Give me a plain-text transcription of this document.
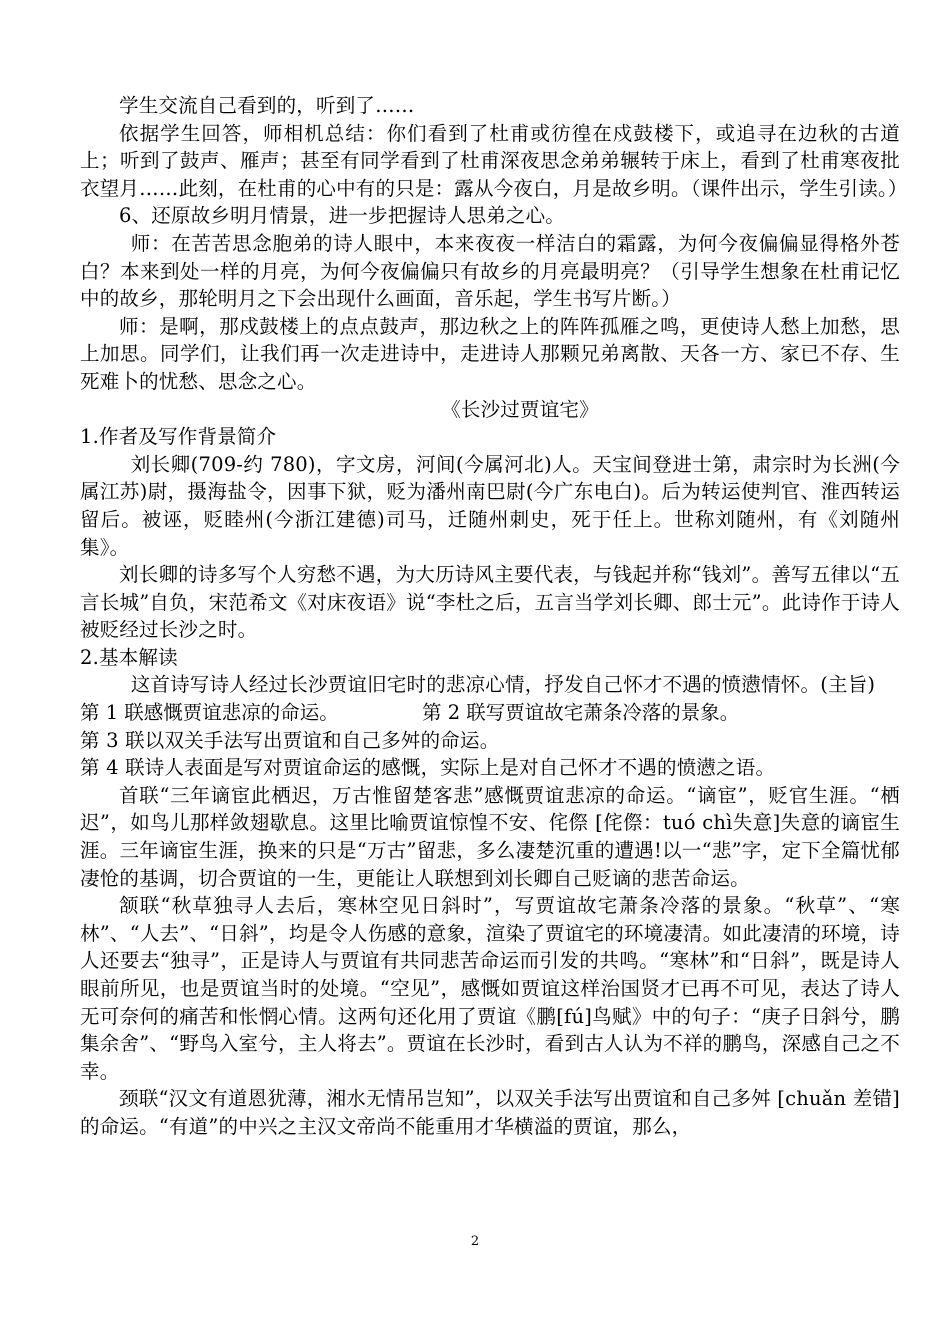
学生交流自己看到的，听到了……

依据学生回答，师相机总结：你们看到了杜甫或彷徨在戍鼓楼下，或追寻在边秋的古道上；听到了鼓声、雁声；甚至有同学看到了杜甫深夜思念弟弟辗转于床上，看到了杜甫寒夜批衣望月……此刻，在杜甫的心中有的只是：露从今夜白，月是故乡明。（课件出示，学生引读。）

6、还原故乡明月情景，进一步把握诗人思弟之心。

师：在苦苦思念胞弟的诗人眼中，本来夜夜一样洁白的霜露，为何今夜偏偏显得格外苍白？本来到处一样的月亮，为何今夜偏偏只有故乡的月亮最明亮？（引导学生想象在杜甫记忆中的故乡，那轮明月之下会出现什么画面，音乐起，学生书写片断。）

师：是啊，那戍鼓楼上的点点鼓声，那边秋之上的阵阵孤雁之鸣，更使诗人愁上加愁，思上加思。同学们，让我们再一次走进诗中，走进诗人那颗兄弟离散、天各一方、家已不存、生死难卜的忧愁、思念之心。

《长沙过贾谊宅》

1.作者及写作背景简介

刘长卿(709-约 780)，字文房，河间(今属河北)人。天宝间登进士第，肃宗时为长洲(今属江苏)尉，摄海盐令，因事下狱，贬为潘州南巴尉(今广东电白)。后为转运使判官、淮西转运留后。被诬，贬睦州(今浙江建德)司马，迁随州刺史，死于任上。世称刘随州，有《刘随州集》。

刘长卿的诗多写个人穷愁不遇，为大历诗风主要代表，与钱起并称“钱刘”。善写五律以“五言长城”自负，宋范希文《对床夜语》说“李杜之后，五言当学刘长卿、郎士元”。此诗作于诗人被贬经过长沙之时。

2.基本解读

这首诗写诗人经过长沙贾谊旧宅时的悲凉心情，抒发自己怀才不遇的愤懑情怀。(主旨)

第 1 联感慨贾谊悲凉的命运。	第 2 联写贾谊故宅萧条冷落的景象。

第 3 联以双关手法写出贾谊和自己多舛的命运。

第 4 联诗人表面是写对贾谊命运的感慨，实际上是对自己怀才不遇的愤懑之语。

首联“三年谪宦此栖迟，万古惟留楚客悲”感慨贾谊悲凉的命运。“谪宦”，贬官生涯。“栖迟”，如鸟儿那样敛翅歇息。这里比喻贾谊惊惶不安、侘傺 [侘傺：tuó chì失意]失意的谪宦生涯。三年谪宦生涯，换来的只是“万古”留悲，多么凄楚沉重的遭遇!以一“悲”字，定下全篇忧郁凄怆的基调，切合贾谊的一生，更能让人联想到刘长卿自己贬谪的悲苦命运。

颔联“秋草独寻人去后，寒林空见日斜时”，写贾谊故宅萧条冷落的景象。“秋草”、“寒林”、“人去”、“日斜”，均是令人伤感的意象，渲染了贾谊宅的环境凄清。如此凄清的环境，诗人还要去“独寻”，正是诗人与贾谊有共同悲苦命运而引发的共鸣。“寒林”和“日斜”，既是诗人眼前所见，也是贾谊当时的处境。“空见”，感慨如贾谊这样治国贤才已再不可见，表达了诗人无可奈何的痛苦和怅惘心情。这两句还化用了贾谊《鹏[fú]鸟赋》中的句子：“庚子日斜兮，鹏集余舍”、“野鸟入室兮，主人将去”。贾谊在长沙时，看到古人认为不祥的鹏鸟，深感自己之不幸。

颈联“汉文有道恩犹薄，湘水无情吊岂知”，以双关手法写出贾谊和自己多舛 [chuǎn 差错]的命运。“有道”的中兴之主汉文帝尚不能重用才华横溢的贾谊，那么，

2
